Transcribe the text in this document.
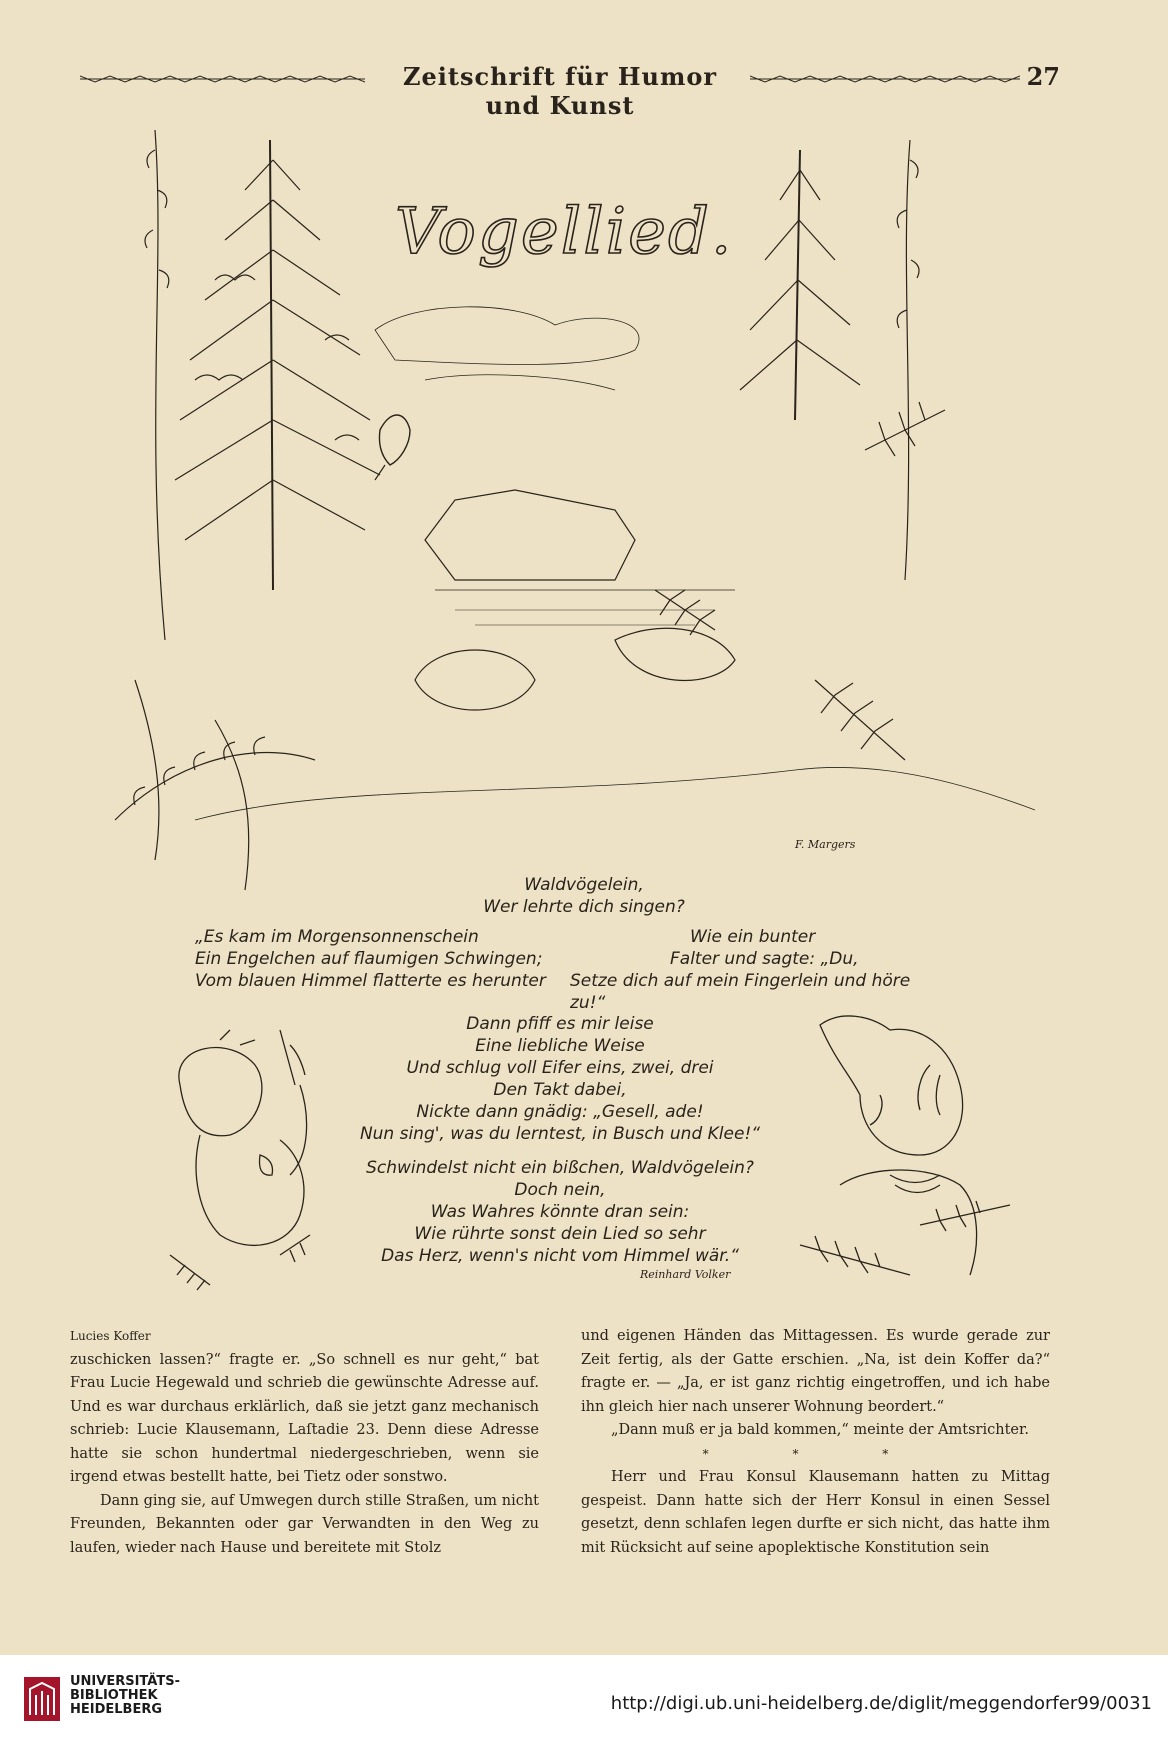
Zeitschrift für Humor und Kunst
27
Vogellied.
F. Margers
Waldvögelein,
Wer lehrte dich singen?
„Es kam im Morgensonnenschein
Ein Engelchen auf flaumigen Schwingen;
Vom blauen Himmel flatterte es herunter
Wie ein bunter
Falter und sagte: „Du,
Setze dich auf mein Fingerlein und höre zu!“
Dann pfiff es mir leise
Eine liebliche Weise
Und schlug voll Eifer eins, zwei, drei
Den Takt dabei,
Nickte dann gnädig: „Gesell, ade!
Nun sing', was du lerntest, in Busch und Klee!“
Schwindelst nicht ein bißchen, Waldvögelein?
Doch nein,
Was Wahres könnte dran sein:
Wie rührte sonst dein Lied so sehr
Das Herz, wenn's nicht vom Himmel wär.“
Reinhard Volker

Lucies Koffer

zuschicken lassen?“ fragte er. „So schnell es nur geht,“ bat Frau Lucie Hegewald und schrieb die gewünschte Adresse auf. Und es war durchaus erklärlich, daß sie jetzt ganz mechanisch schrieb: Lucie Klausemann, Laſtadie 23. Denn diese Adresse hatte sie schon hundertmal niedergeschrieben, wenn sie irgend etwas bestellt hatte, bei Tietz oder sonstwo.

Dann ging sie, auf Umwegen durch stille Straßen, um nicht Freunden, Bekannten oder gar Verwandten in den Weg zu laufen, wieder nach Hause und bereitete mit Stolz

und eigenen Händen das Mittagessen. Es wurde gerade zur Zeit fertig, als der Gatte erschien. „Na, ist dein Koffer da?“ fragte er. — „Ja, er ist ganz richtig eingetroffen, und ich habe ihn gleich hier nach unserer Wohnung beordert.“

„Dann muß er ja bald kommen,“ meinte der Amtsrichter.

* * *

Herr und Frau Konsul Klausemann hatten zu Mittag gespeist. Dann hatte sich der Herr Konsul in einen Sessel gesetzt, denn schlafen legen durfte er sich nicht, das hatte ihm mit Rücksicht auf seine apoplektische Konstitution sein

UNIVERSITÄTS-
BIBLIOTHEK
HEIDELBERG	http://digi.ub.uni-heidelberg.de/diglit/meggendorfer99/0031
